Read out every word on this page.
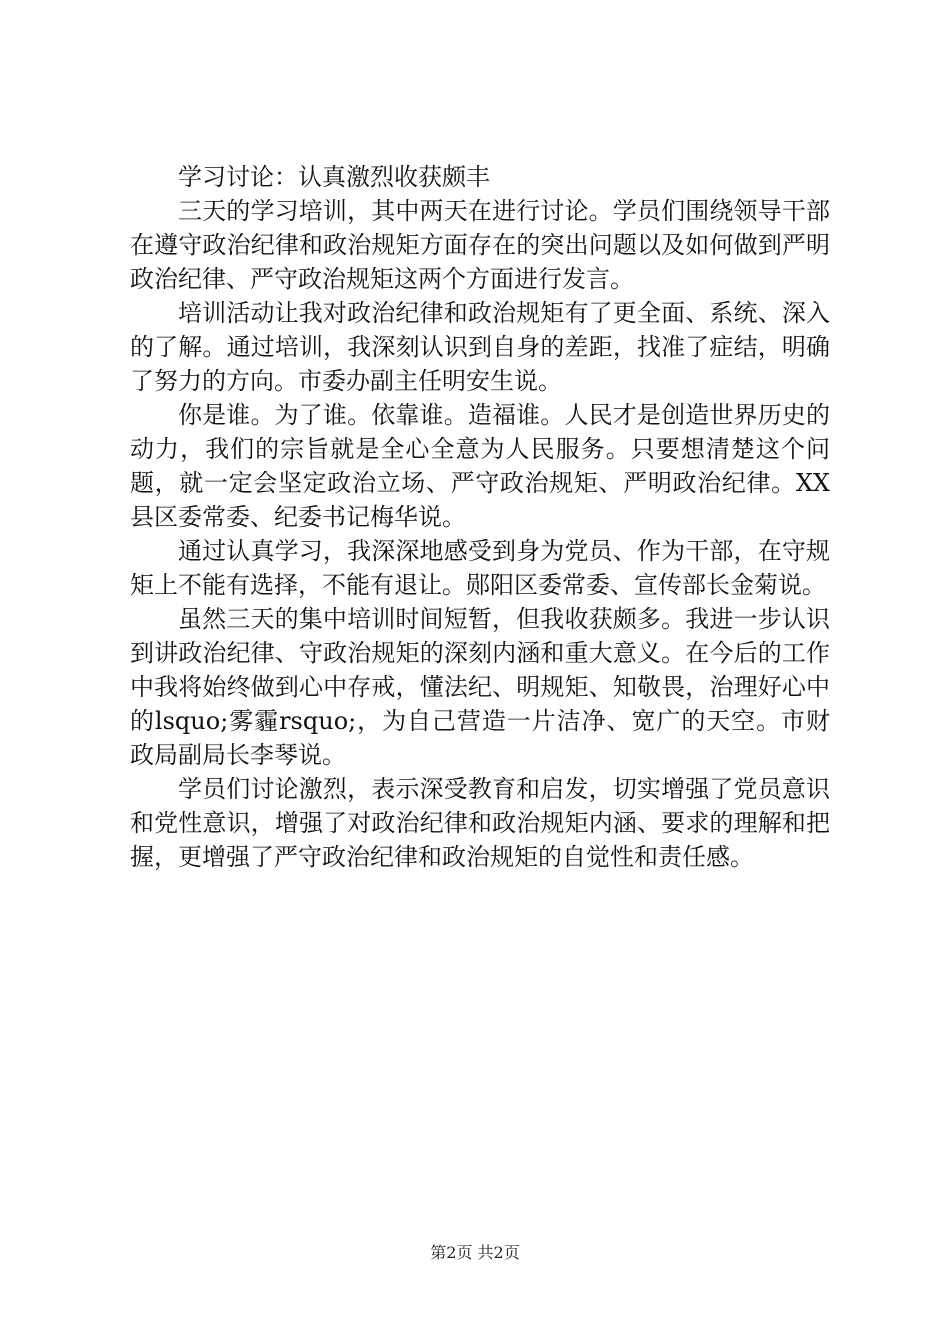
学习讨论：认真激烈收获颇丰

三天的学习培训，其中两天在进行讨论。学员们围绕领导干部在遵守政治纪律和政治规矩方面存在的突出问题以及如何做到严明政治纪律、严守政治规矩这两个方面进行发言。

培训活动让我对政治纪律和政治规矩有了更全面、系统、深入的了解。通过培训，我深刻认识到自身的差距，找准了症结，明确了努力的方向。市委办副主任明安生说。

你是谁。为了谁。依靠谁。造福谁。人民才是创造世界历史的动力，我们的宗旨就是全心全意为人民服务。只要想清楚这个问题，就一定会坚定政治立场、严守政治规矩、严明政治纪律。XX县区委常委、纪委书记梅华说。

通过认真学习，我深深地感受到身为党员、作为干部，在守规矩上不能有选择，不能有退让。郧阳区委常委、宣传部长金菊说。

虽然三天的集中培训时间短暂，但我收获颇多。我进一步认识到讲政治纪律、守政治规矩的深刻内涵和重大意义。在今后的工作中我将始终做到心中存戒，懂法纪、明规矩、知敬畏，治理好心中的lsquo;雾霾rsquo;，为自己营造一片洁净、宽广的天空。市财政局副局长李琴说。

学员们讨论激烈，表示深受教育和启发，切实增强了党员意识和党性意识，增强了对政治纪律和政治规矩内涵、要求的理解和把握，更增强了严守政治纪律和政治规矩的自觉性和责任感。

第2页 共2页
